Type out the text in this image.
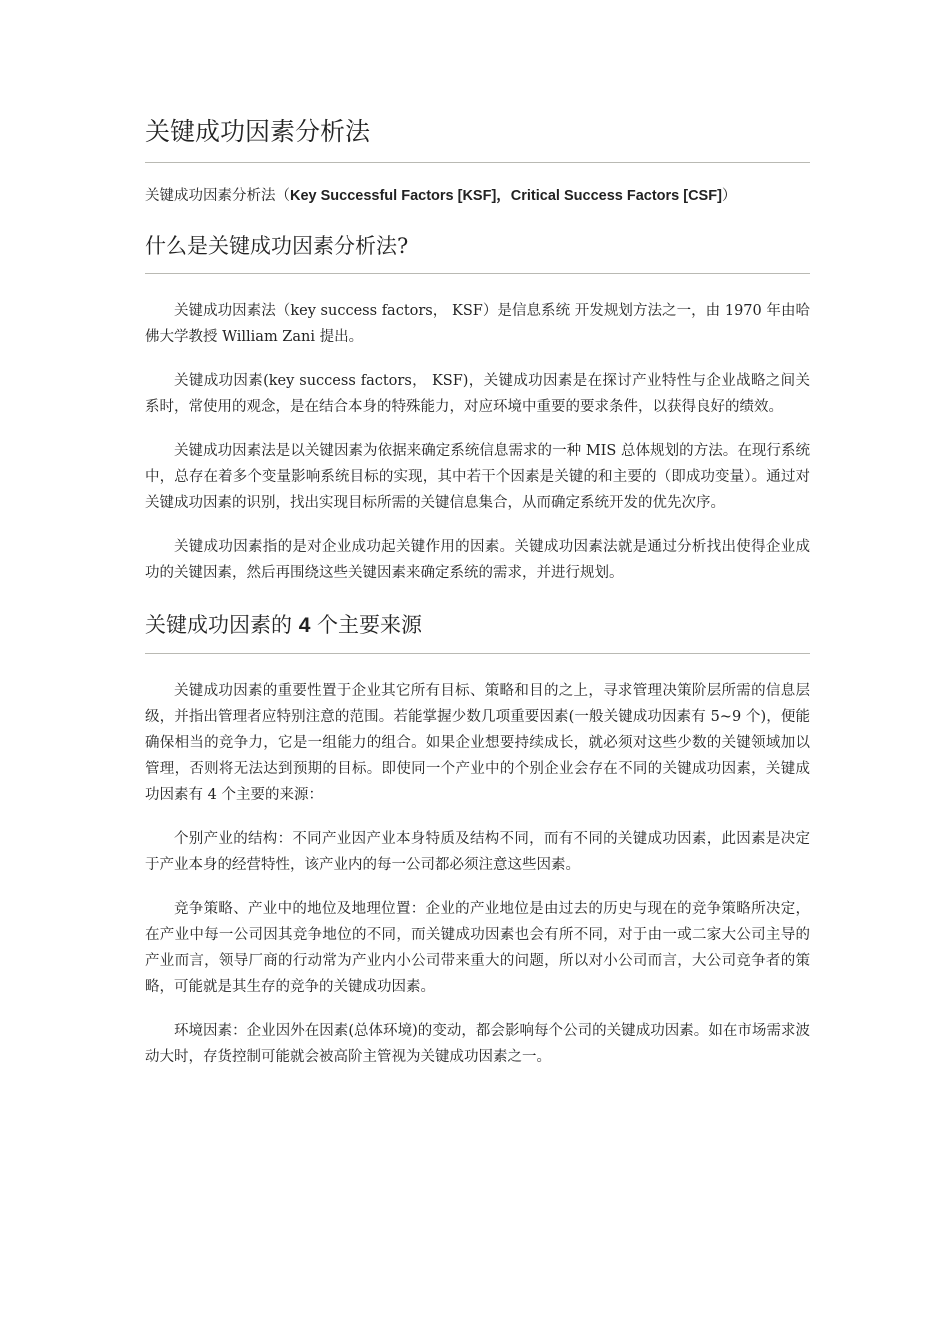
关键成功因素分析法

关键成功因素分析法（Key Successful Factors [KSF]，Critical Success Factors [CSF]）

什么是关键成功因素分析法?

关键成功因素法（key success factors， KSF）是信息系统 开发规划方法之一，由 1970 年由哈佛大学教授 William Zani 提出。

关键成功因素(key success factors， KSF)，关键成功因素是在探讨产业特性与企业战略之间关系时，常使用的观念，是在结合本身的特殊能力，对应环境中重要的要求条件，以获得良好的绩效。

关键成功因素法是以关键因素为依据来确定系统信息需求的一种 MIS 总体规划的方法。在现行系统中，总存在着多个变量影响系统目标的实现，其中若干个因素是关键的和主要的（即成功变量）。通过对关键成功因素的识别，找出实现目标所需的关键信息集合，从而确定系统开发的优先次序。

关键成功因素指的是对企业成功起关键作用的因素。关键成功因素法就是通过分析找出使得企业成功的关键因素，然后再围绕这些关键因素来确定系统的需求，并进行规划。

关键成功因素的 4 个主要来源

关键成功因素的重要性置于企业其它所有目标、策略和目的之上，寻求管理决策阶层所需的信息层级，并指出管理者应特别注意的范围。若能掌握少数几项重要因素(一般关键成功因素有 5~9 个)，便能确保相当的竞争力，它是一组能力的组合。如果企业想要持续成长，就必须对这些少数的关键领域加以管理，否则将无法达到预期的目标。即使同一个产业中的个别企业会存在不同的关键成功因素，关键成功因素有 4 个主要的来源：

个别产业的结构：不同产业因产业本身特质及结构不同，而有不同的关键成功因素，此因素是决定于产业本身的经营特性，该产业内的每一公司都必须注意这些因素。

竞争策略、产业中的地位及地理位置：企业的产业地位是由过去的历史与现在的竞争策略所决定，在产业中每一公司因其竞争地位的不同，而关键成功因素也会有所不同，对于由一或二家大公司主导的产业而言，领导厂商的行动常为产业内小公司带来重大的问题，所以对小公司而言，大公司竞争者的策略，可能就是其生存的竞争的关键成功因素。

环境因素：企业因外在因素(总体环境)的变动，都会影响每个公司的关键成功因素。如在市场需求波动大时，存货控制可能就会被高阶主管视为关键成功因素之一。
